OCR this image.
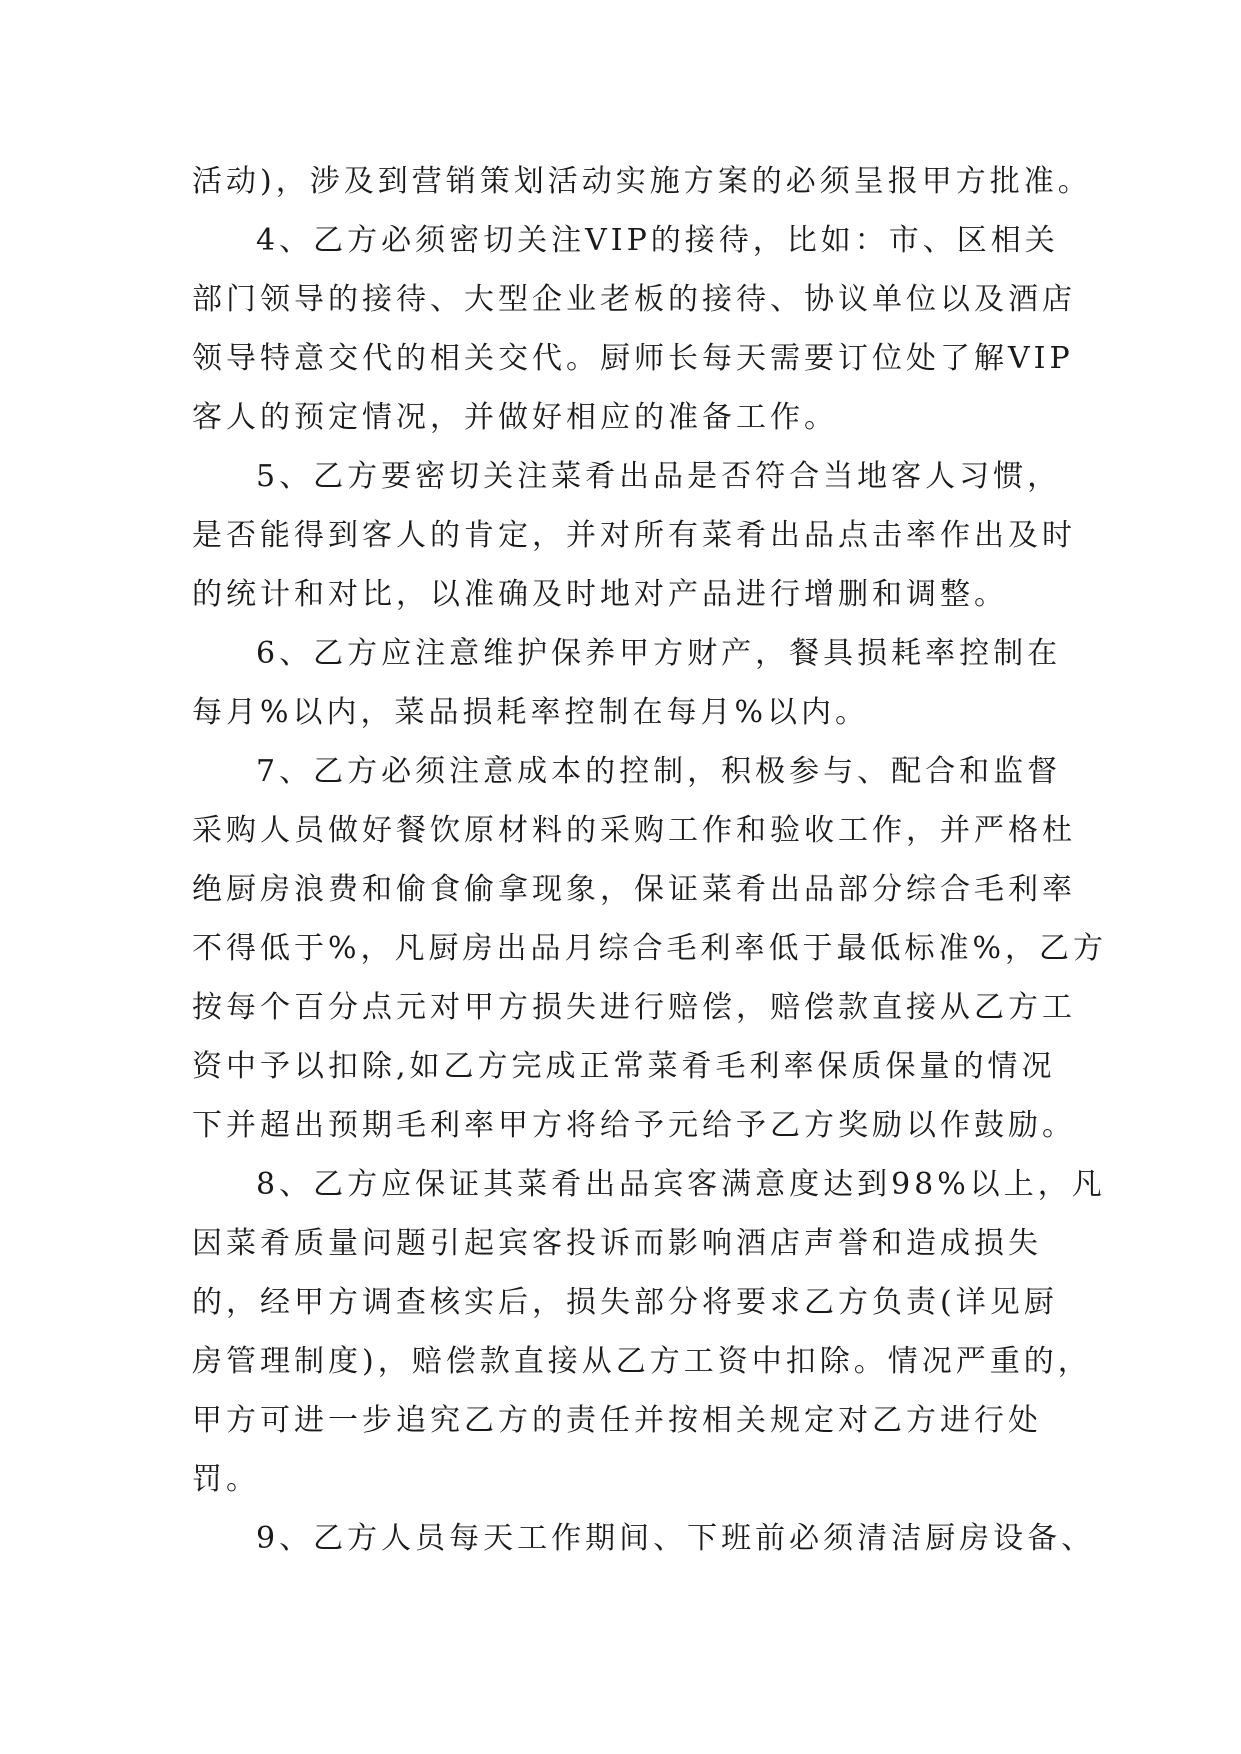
活动)，涉及到营销策划活动实施方案的必须呈报甲方批准。
4、乙方必须密切关注VIP的接待，比如：市、区相关
部门领导的接待、大型企业老板的接待、协议单位以及酒店
领导特意交代的相关交代。厨师长每天需要订位处了解VIP
客人的预定情况，并做好相应的准备工作。
5、乙方要密切关注菜肴出品是否符合当地客人习惯，
是否能得到客人的肯定，并对所有菜肴出品点击率作出及时
的统计和对比，以准确及时地对产品进行增删和调整。
6、乙方应注意维护保养甲方财产，餐具损耗率控制在
每月%以内，菜品损耗率控制在每月%以内。
7、乙方必须注意成本的控制，积极参与、配合和监督
采购人员做好餐饮原材料的采购工作和验收工作，并严格杜
绝厨房浪费和偷食偷拿现象，保证菜肴出品部分综合毛利率
不得低于%，凡厨房出品月综合毛利率低于最低标准%，乙方
按每个百分点元对甲方损失进行赔偿，赔偿款直接从乙方工
资中予以扣除,如乙方完成正常菜肴毛利率保质保量的情况
下并超出预期毛利率甲方将给予元给予乙方奖励以作鼓励。
8、乙方应保证其菜肴出品宾客满意度达到98%以上，凡
因菜肴质量问题引起宾客投诉而影响酒店声誉和造成损失
的，经甲方调查核实后，损失部分将要求乙方负责(详见厨
房管理制度)，赔偿款直接从乙方工资中扣除。情况严重的，
甲方可进一步追究乙方的责任并按相关规定对乙方进行处
罚。
9、乙方人员每天工作期间、下班前必须清洁厨房设备、
